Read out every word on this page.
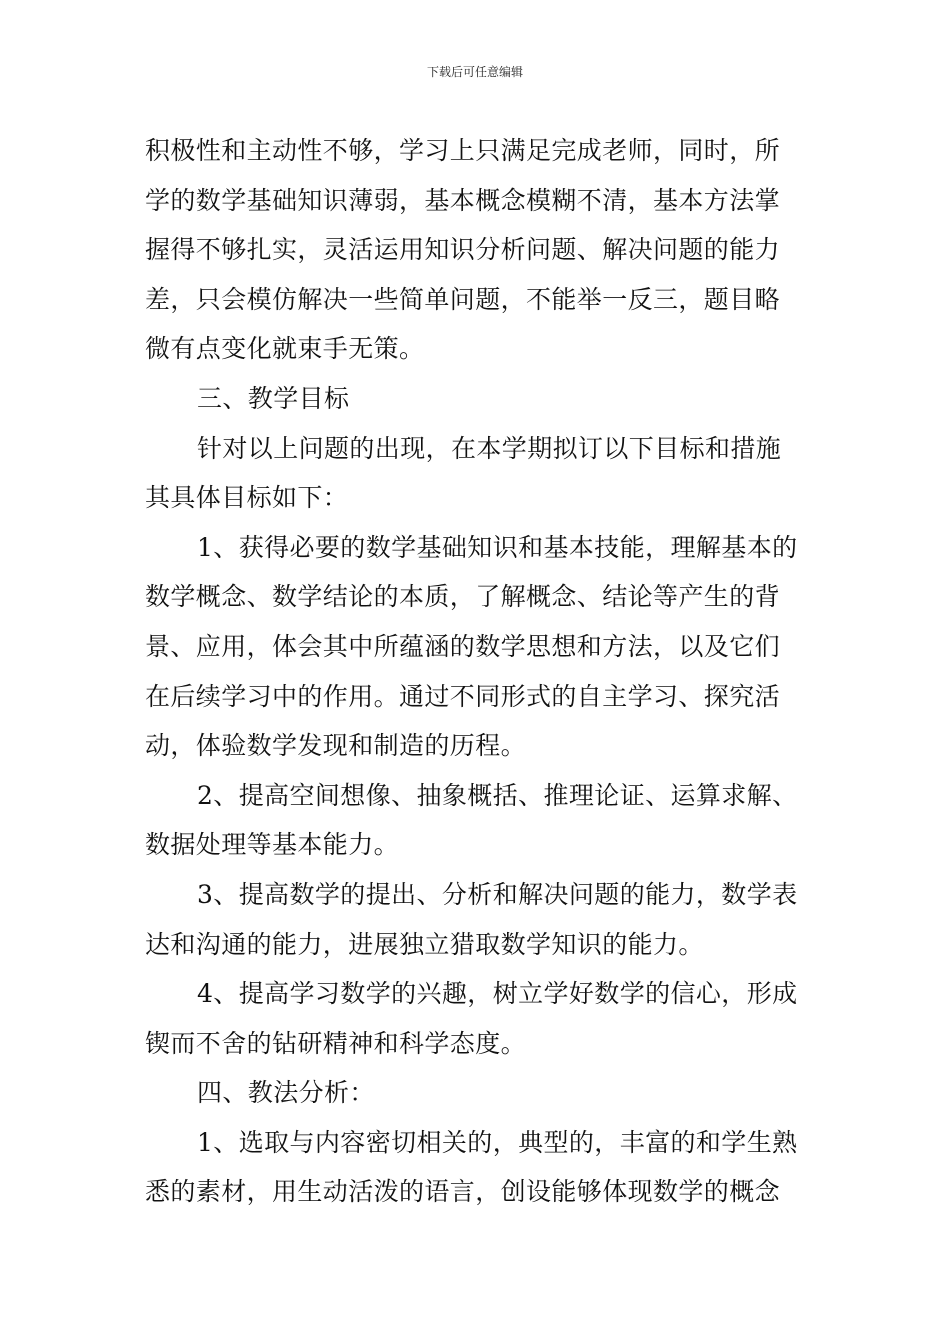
下载后可任意编辑
积极性和主动性不够，学习上只满足完成老师，同时，所
学的数学基础知识薄弱，基本概念模糊不清，基本方法掌
握得不够扎实，灵活运用知识分析问题、解决问题的能力
差，只会模仿解决一些简单问题，不能举一反三，题目略
微有点变化就束手无策。
三、教学目标
针对以上问题的出现，在本学期拟订以下目标和措施
其具体目标如下：
1、获得必要的数学基础知识和基本技能，理解基本的
数学概念、数学结论的本质，了解概念、结论等产生的背
景、应用，体会其中所蕴涵的数学思想和方法，以及它们
在后续学习中的作用。通过不同形式的自主学习、探究活
动，体验数学发现和制造的历程。
2、提高空间想像、抽象概括、推理论证、运算求解、
数据处理等基本能力。
3、提高数学的提出、分析和解决问题的能力，数学表
达和沟通的能力，进展独立猎取数学知识的能力。
4、提高学习数学的兴趣，树立学好数学的信心，形成
锲而不舍的钻研精神和科学态度。
四、教法分析：
1、选取与内容密切相关的，典型的，丰富的和学生熟
悉的素材，用生动活泼的语言，创设能够体现数学的概念
